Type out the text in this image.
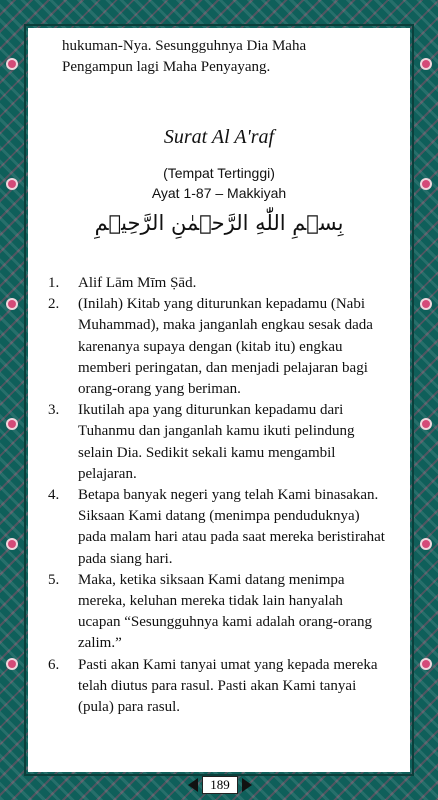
hukuman-Nya. Sesungguhnya Dia Maha
Pengampun lagi Maha Penyayang.
Surat Al A'raf
(Tempat Tertinggi)
Ayat 1-87 – Makkiyah
بِسۡمِ اللّٰهِ الرَّحۡمٰنِ الرَّحِيۡمِ
1.	Alif Lām Mīm Ṣād.
2.	(Inilah) Kitab yang diturunkan kepadamu (Nabi
Muhammad), maka janganlah engkau sesak dada
karenanya supaya dengan (kitab itu) engkau
memberi peringatan, dan menjadi pelajaran bagi
orang-orang yang beriman.
3.	Ikutilah apa yang diturunkan kepadamu dari
Tuhanmu dan janganlah kamu ikuti pelindung
selain Dia. Sedikit sekali kamu mengambil
pelajaran.
4.	Betapa banyak negeri yang telah Kami binasakan.
Siksaan Kami datang (menimpa penduduknya)
pada malam hari atau pada saat mereka beristirahat
pada siang hari.
5.	Maka, ketika siksaan Kami datang menimpa
mereka, keluhan mereka tidak lain hanyalah
ucapan “Sesungguhnya kami adalah orang-orang
zalim.”
6.	Pasti akan Kami tanyai umat yang kepada mereka
telah diutus para rasul. Pasti akan Kami tanyai
(pula) para rasul.
189
